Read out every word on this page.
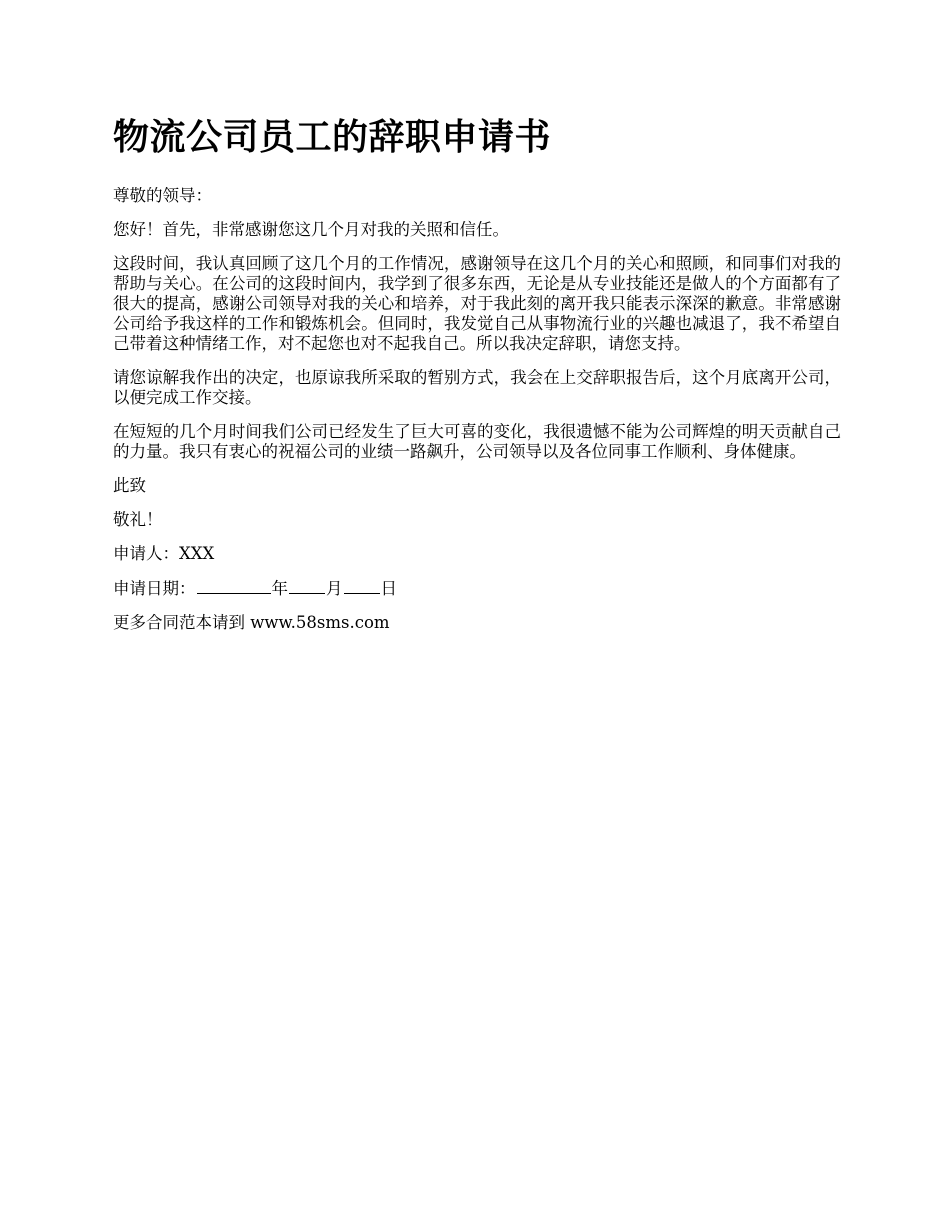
物流公司员工的辞职申请书

尊敬的领导：

您好！首先，非常感谢您这几个月对我的关照和信任。

这段时间，我认真回顾了这几个月的工作情况，感谢领导在这几个月的关心和照顾，和同事们对我的帮助与关心。在公司的这段时间内，我学到了很多东西，无论是从专业技能还是做人的个方面都有了很大的提高，感谢公司领导对我的关心和培养，对于我此刻的离开我只能表示深深的歉意。非常感谢公司给予我这样的工作和锻炼机会。但同时，我发觉自己从事物流行业的兴趣也减退了，我不希望自己带着这种情绪工作，对不起您也对不起我自己。所以我决定辞职，请您支持。

请您谅解我作出的决定，也原谅我所采取的暂别方式，我会在上交辞职报告后，这个月底离开公司，以便完成工作交接。

在短短的几个月时间我们公司已经发生了巨大可喜的变化，我很遗憾不能为公司辉煌的明天贡献自己的力量。我只有衷心的祝福公司的业绩一路飙升，公司领导以及各位同事工作顺利、身体健康。

此致

敬礼！

申请人：XXX

申请日期：	年 月 日

更多合同范本请到 www.58sms.com
